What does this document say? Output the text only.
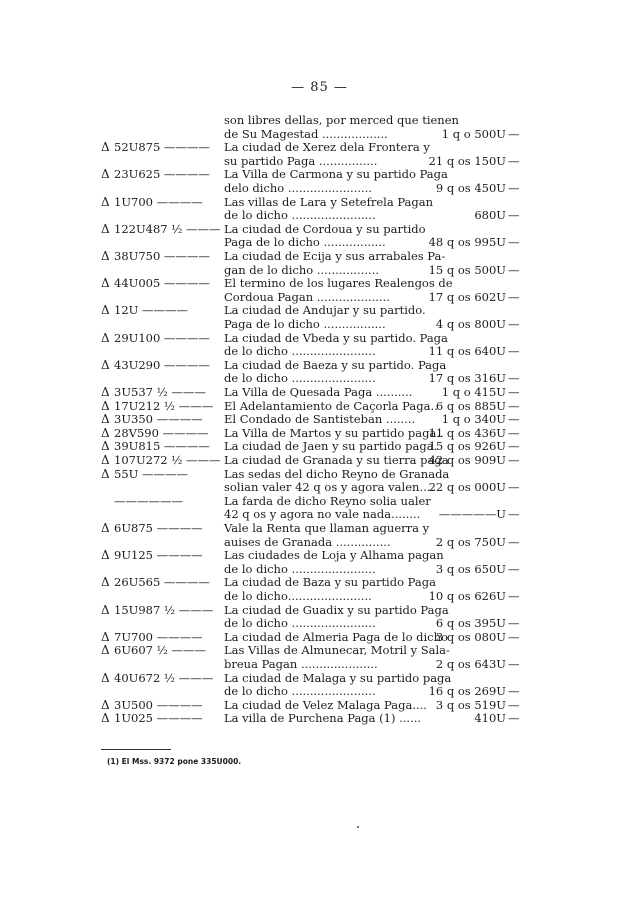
— 85 —
son libres dellas, por merced que tienen
de Su Magestad ..................	1 q o 500U —
Δ 52U875 ————	La ciudad de Xerez dela Frontera y
su partido Paga ................	21 q os 150U —
Δ 23U625 ————	La Villa de Carmona y su partido Paga
delo dicho .......................	9 q os 450U —
Δ 1U700 ————	Las villas de Lara y Setefrela Pagan
de lo dicho .......................	680U —
Δ 122U487 ½ ——— La ciudad de Cordoua y su partido
Paga de lo dicho .................	48 q os 995U —
Δ 38U750 ————	La ciudad de Ecija y sus arrabales Pa-
gan de lo dicho .................	15 q os 500U —
Δ 44U005 ————	El termino de los lugares Realengos de
Cordoua Pagan ....................	17 q os 602U —
Δ 12U ————	La ciudad de Andujar y su partido.
Paga de lo dicho .................	4 q os 800U —
Δ 29U100 ————	La ciudad de Vbeda y su partido. Paga
de lo dicho .......................	11 q os 640U —
Δ 43U290 ————	La ciudad de Baeza y su partido. Paga
de lo dicho .......................	17 q os 316U —
Δ 3U537 ½ ———	La Villa de Quesada Paga ..........	1 q o 415U —
Δ 17U212 ½ ——— El Adelantamiento de Caçorla Paga..
6 q os 885U —
Δ 3U350 ————	El Condado de Santisteban ........	1 q o 340U —
Δ 28V590 ————	La Villa de Martos y su partido paga..
11 q os 436U —
Δ 39U815 ————	La ciudad de Jaen y su partido paga.
15 q os 926U —
Δ 107U272 ½ ——— La ciudad de Granada y su tierra paga
42 q os 909U —
Δ 55U ————	Las sedas del dicho Reyno de Granada
solian valer 42 q os y agora valen....
22 q os 000U —
——————	La farda de dicho Reyno solia ualer
42 q os y agora no vale nada........	—————U —
Δ 6U875 ————	Vale la Renta que llaman aguerra y
auises de Granada ...............	2 q os 750U —
Δ 9U125 ————	Las ciudades de Loja y Alhama pagan
de lo dicho .......................	3 q os 650U —
Δ 26U565 ————	La ciudad de Baza y su partido Paga
de lo dicho.......................	10 q os 626U —
Δ 15U987 ½ ——— La ciudad de Guadix y su partido Paga
de lo dicho .......................	6 q os 395U —
Δ 7U700 ————	La ciudad de Almeria Paga de lo dicho
3 q os 080U —
Δ 6U607 ½ ———	Las Villas de Almunecar, Motril y Sala-
breua Pagan .....................	2 q os 643U —
Δ 40U672 ½ ——— La ciudad de Malaga y su partido paga
de lo dicho .......................	16 q os 269U —
Δ 3U500 ————	La ciudad de Velez Malaga Paga.... 3 q os 519U —
Δ 1U025 ————	La villa de Purchena Paga (1) ......	410U —
(1) El Mss. 9372 pone 335U000.
